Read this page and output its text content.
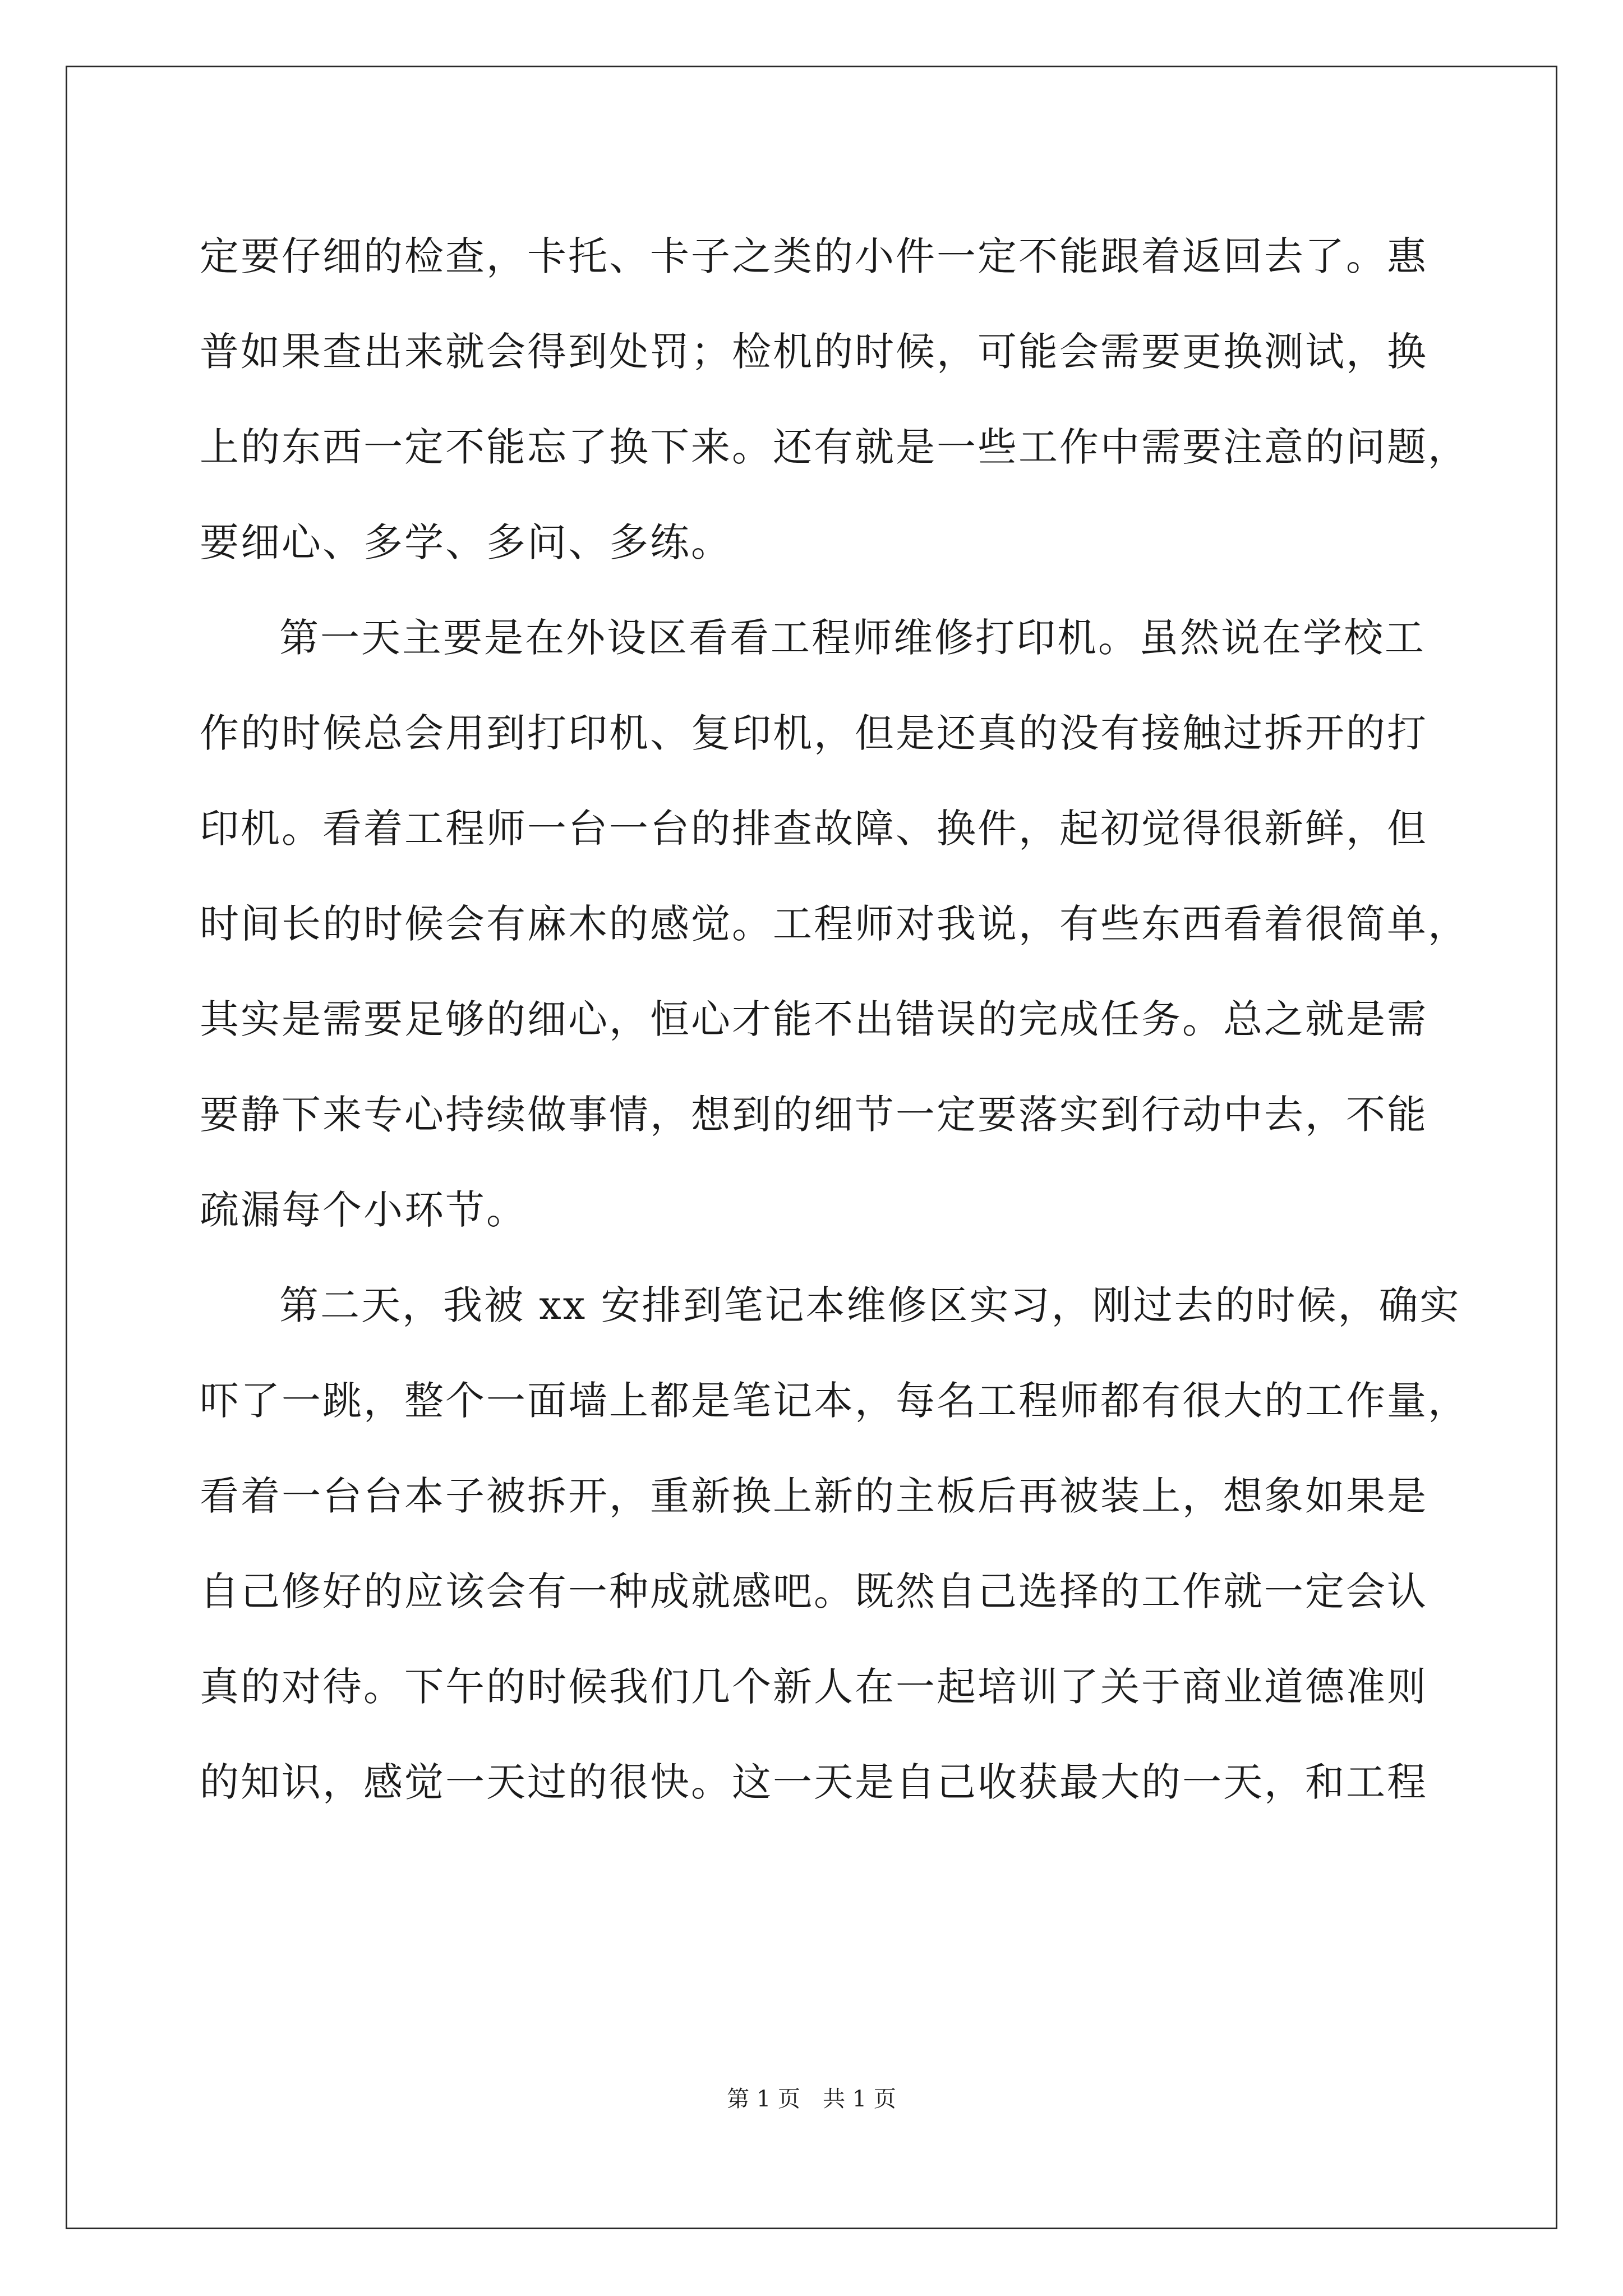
定要仔细的检查，卡托、卡子之类的小件一定不能跟着返回去了。惠
普如果查出来就会得到处罚；检机的时候，可能会需要更换测试，换
上的东西一定不能忘了换下来。还有就是一些工作中需要注意的问题，
要细心、多学、多问、多练。
第一天主要是在外设区看看工程师维修打印机。虽然说在学校工
作的时候总会用到打印机、复印机，但是还真的没有接触过拆开的打
印机。看着工程师一台一台的排查故障、换件，起初觉得很新鲜，但
时间长的时候会有麻木的感觉。工程师对我说，有些东西看着很简单，
其实是需要足够的细心，恒心才能不出错误的完成任务。总之就是需
要静下来专心持续做事情，想到的细节一定要落实到行动中去，不能
疏漏每个小环节。
第二天，我被 xx 安排到笔记本维修区实习，刚过去的时候，确实
吓了一跳，整个一面墙上都是笔记本，每名工程师都有很大的工作量，
看着一台台本子被拆开，重新换上新的主板后再被装上，想象如果是
自己修好的应该会有一种成就感吧。既然自己选择的工作就一定会认
真的对待。下午的时候我们几个新人在一起培训了关于商业道德准则
的知识，感觉一天过的很快。这一天是自己收获最大的一天，和工程
第 1 页　共 1 页
